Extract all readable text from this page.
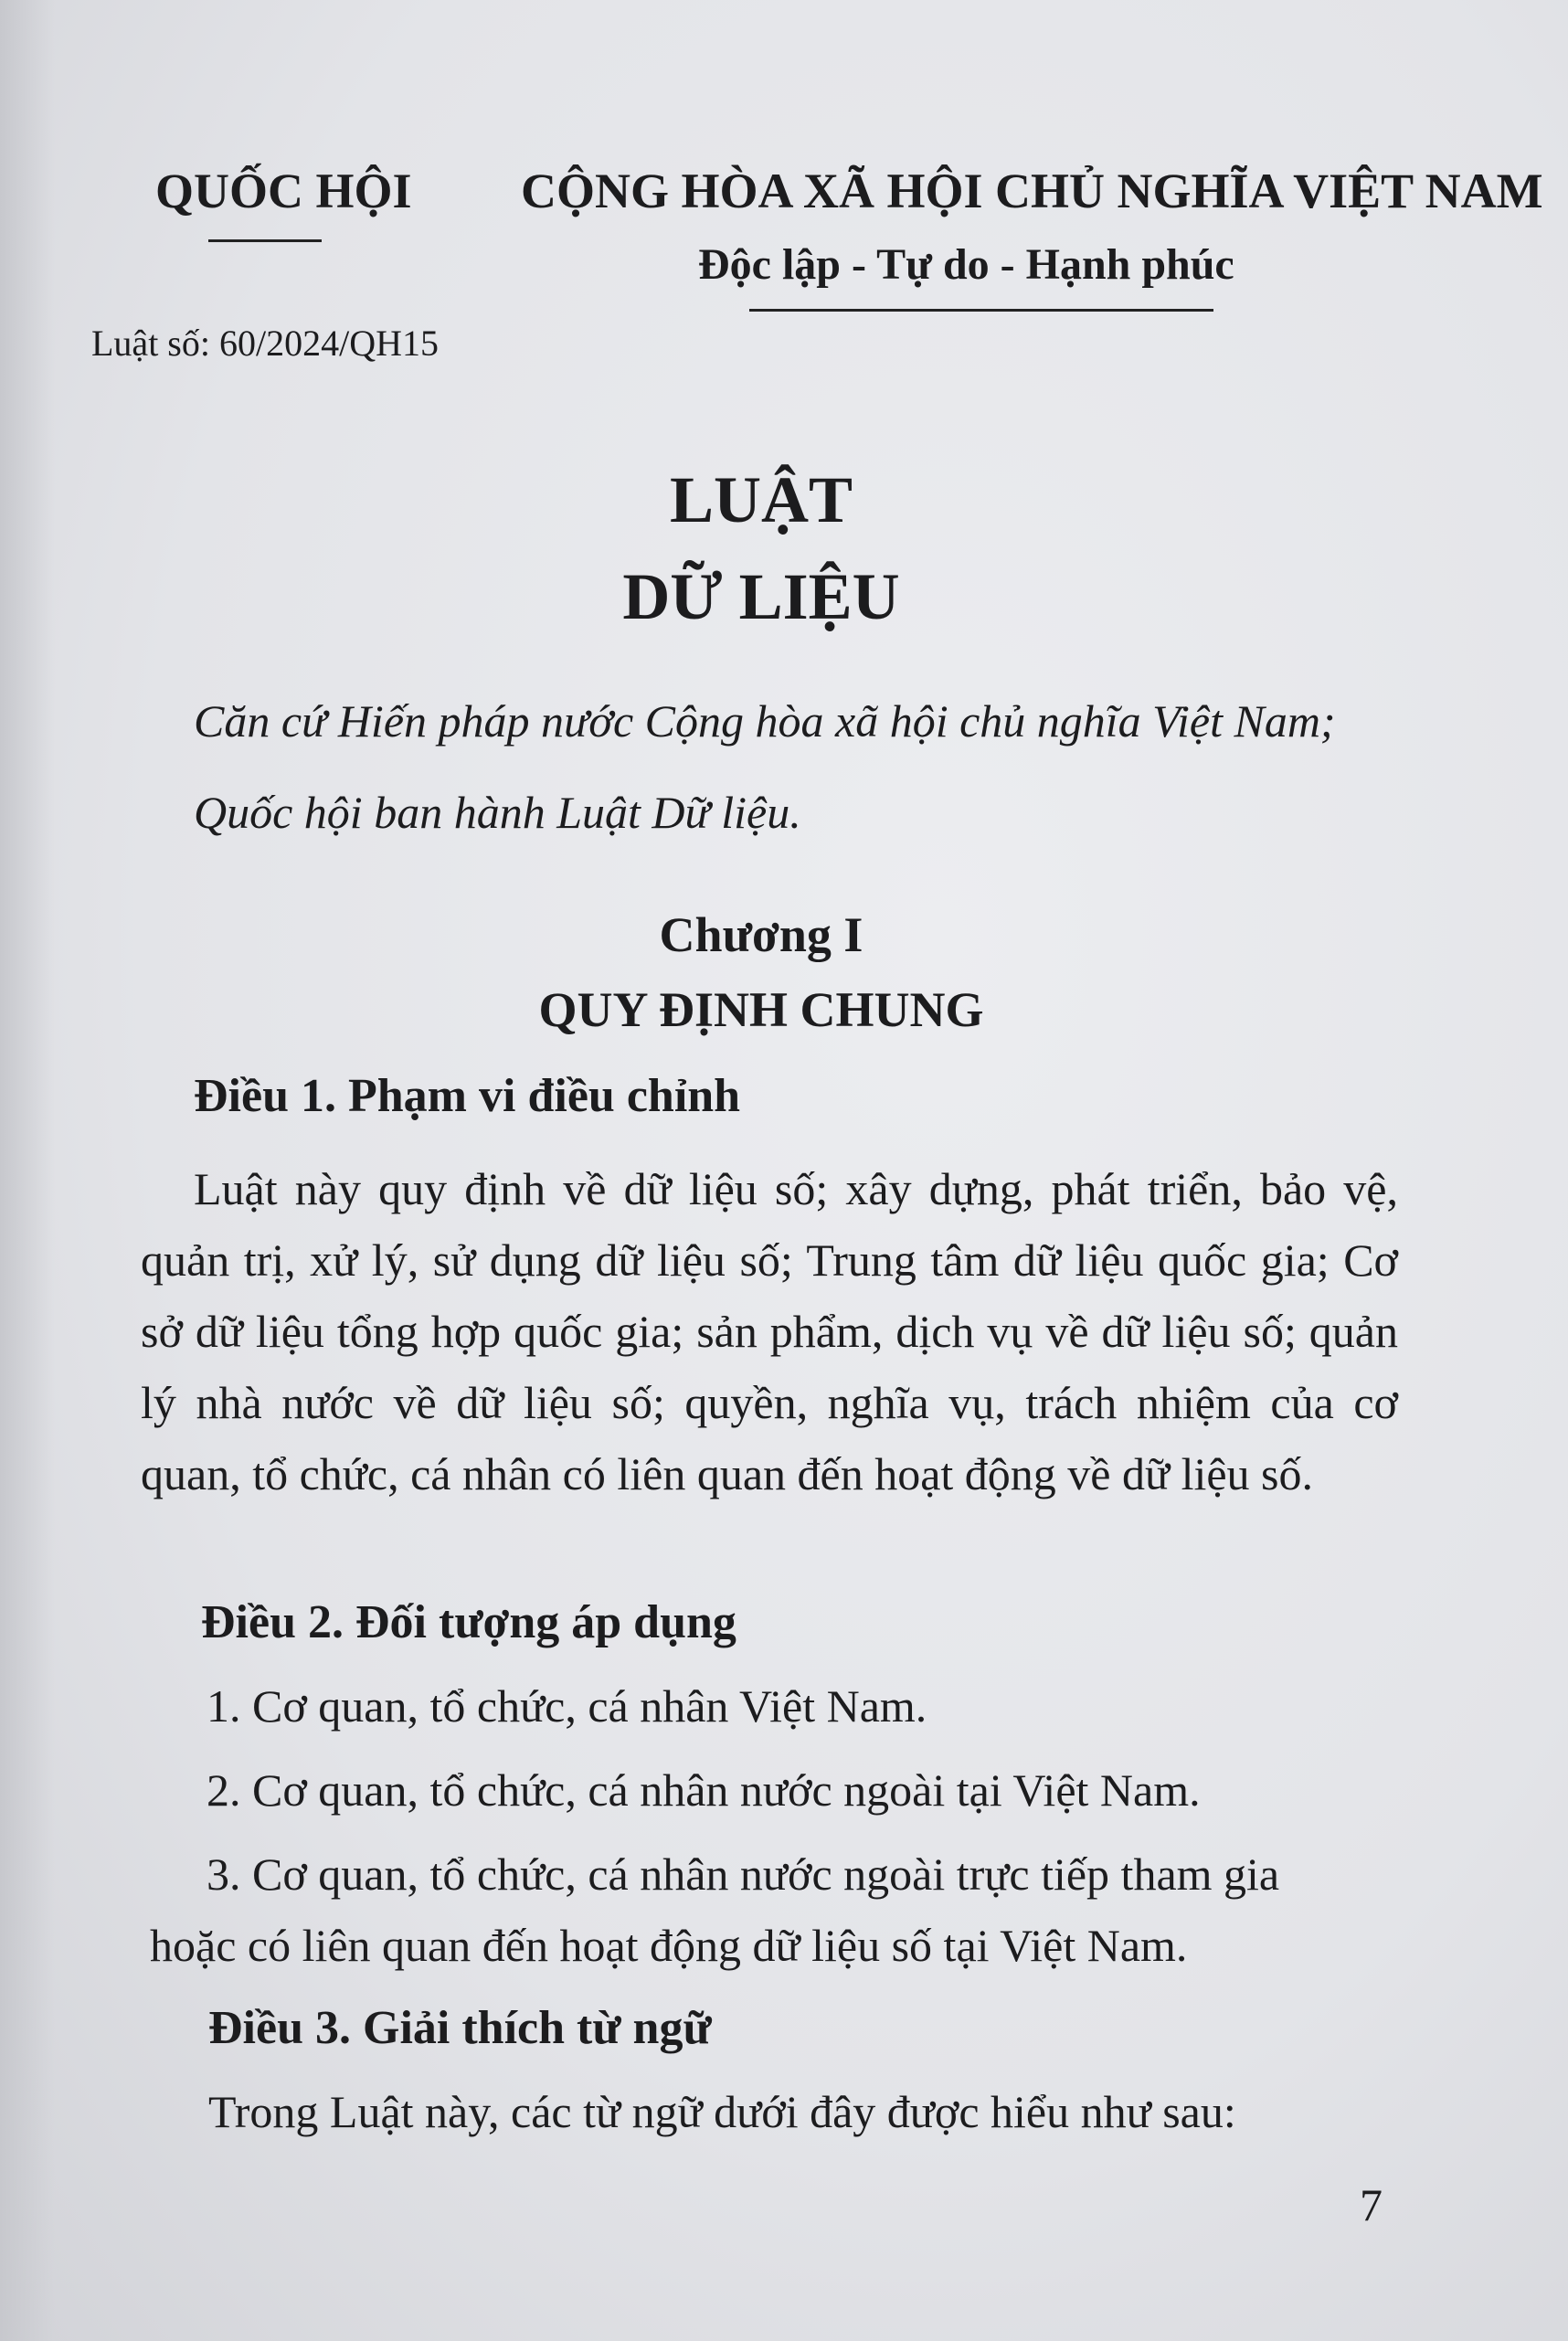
QUỐC HỘI CỘNG HÒA XÃ HỘI CHỦ NGHĨA VIỆT NAM
Độc lập - Tự do - Hạnh phúc
Luật số: 60/2024/QH15
LUẬT
DỮ LIỆU
Căn cứ Hiến pháp nước Cộng hòa xã hội chủ nghĩa Việt Nam;
Quốc hội ban hành Luật Dữ liệu.
Chương I
QUY ĐỊNH CHUNG
Điều 1. Phạm vi điều chỉnh

Luật này quy định về dữ liệu số; xây dựng, phát triển, bảo vệ, quản trị, xử lý, sử dụng dữ liệu số; Trung tâm dữ liệu quốc gia; Cơ sở dữ liệu tổng hợp quốc gia; sản phẩm, dịch vụ về dữ liệu số; quản lý nhà nước về dữ liệu số; quyền, nghĩa vụ, trách nhiệm của cơ quan, tổ chức, cá nhân có liên quan đến hoạt động về dữ liệu số.

Điều 2. Đối tượng áp dụng
1. Cơ quan, tổ chức, cá nhân Việt Nam.
2. Cơ quan, tổ chức, cá nhân nước ngoài tại Việt Nam.
3. Cơ quan, tổ chức, cá nhân nước ngoài trực tiếp tham gia
hoặc có liên quan đến hoạt động dữ liệu số tại Việt Nam.
Điều 3. Giải thích từ ngữ
Trong Luật này, các từ ngữ dưới đây được hiểu như sau:
7
